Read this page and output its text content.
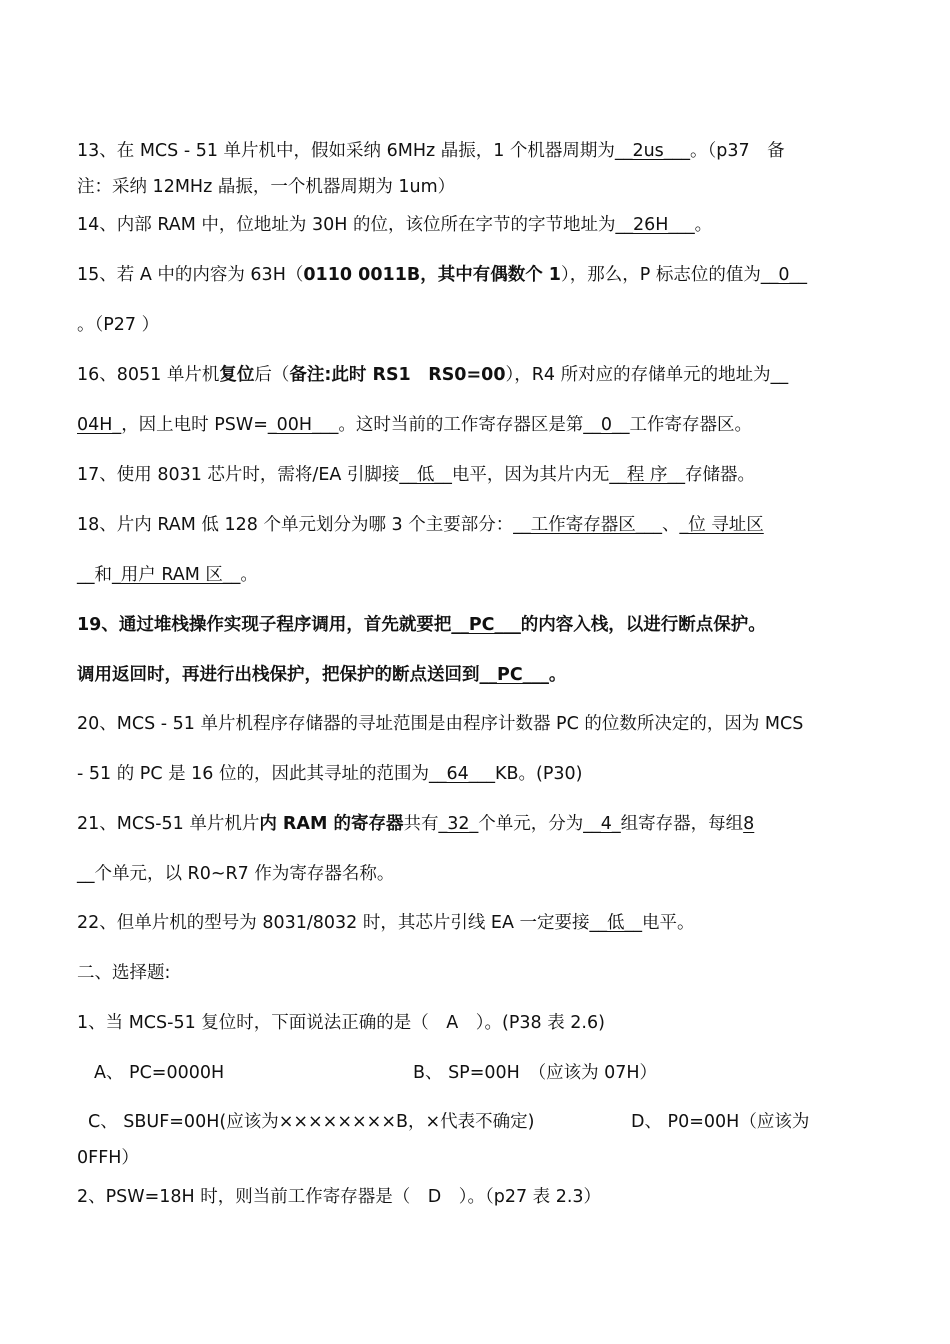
13、在 MCS - 51 单片机中，假如采纳 6MHz 晶振，1 个机器周期为__2us___。（p37　备
注：采纳 12MHz 晶振，一个机器周期为 1um）
14、内部 RAM 中，位地址为 30H 的位，该位所在字节的字节地址为__26H___。
15、若 A 中的内容为 63H（0110 0011B，其中有偶数个 1），那么，P 标志位的值为__0__
。（P27 ）
16、8051 单片机复位后（备注:此时 RS1　RS0=00），R4 所对应的存储单元的地址为__
04H_，因上电时 PSW=_00H___。这时当前的工作寄存器区是第__0__工作寄存器区。
17、使用 8031 芯片时，需将/EA 引脚接__低__电平，因为其片内无__程 序__存储器。
18、片内 RAM 低 128 个单元划分为哪 3 个主要部分：__工作寄存器区___、_位 寻址区
__和_用户 RAM 区__。
19、通过堆栈操作实现子程序调用，首先就要把__PC___的内容入栈，以进行断点保护。
调用返回时，再进行出栈保护，把保护的断点送回到__PC___。
20、MCS - 51 单片机程序存储器的寻址范围是由程序计数器 PC 的位数所决定的，因为 MCS
- 51 的 PC 是 16 位的，因此其寻址的范围为__64___KB。(P30)
21、MCS-51 单片机片内 RAM 的寄存器共有_32_个单元，分为__4_组寄存器，每组8
__个单元，以 R0~R7 作为寄存器名称。
22、但单片机的型号为 8031/8032 时，其芯片引线 EA 一定要接__低__电平。
二、选择题:
1、当 MCS-51 复位时，下面说法正确的是（　A　）。(P38 表 2.6)
A、 PC=0000H	B、 SP=00H　（应该为 07H）
C、 SBUF=00H(应该为××××××××B，×代表不确定)	D、 P0=00H（应该为
0FFH）
2、PSW=18H 时，则当前工作寄存器是（　D　）。（p27 表 2.3）
